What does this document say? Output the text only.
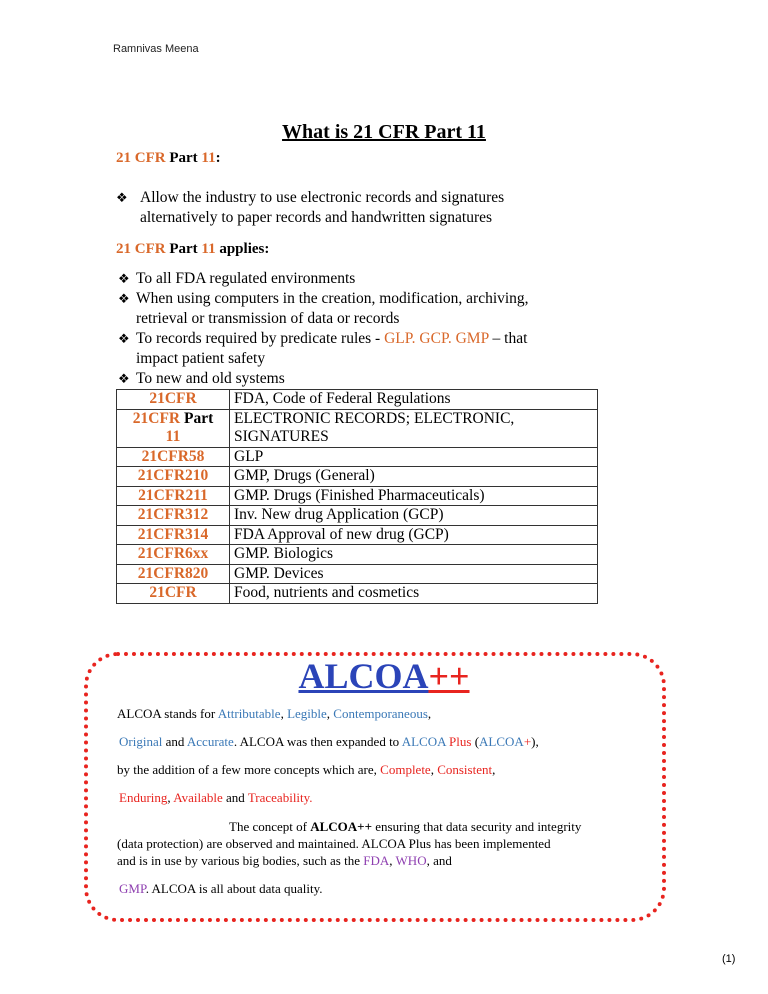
Ramnivas Meena
What is 21 CFR Part 11
21 CFR Part 11:
❖ Allow the industry to use electronic records and signatures
alternatively to paper records and handwritten signatures
21 CFR Part 11 applies:
❖ To all FDA regulated environments
❖ When using computers in the creation, modification, archiving,
retrieval or transmission of data or records
❖ To records required by predicate rules - GLP. GCP. GMP – that
impact patient safety
❖ To new and old systems
21CFR	FDA, Code of Federal Regulations
21CFR Part
11	ELECTRONIC RECORDS; ELECTRONIC,
SIGNATURES
21CFR58	GLP
21CFR210	GMP, Drugs (General)
21CFR211	GMP. Drugs (Finished Pharmaceuticals)
21CFR312	Inv. New drug Application (GCP)
21CFR314	FDA Approval of new drug (GCP)
21CFR6xx	GMP. Biologics
21CFR820	GMP. Devices
21CFR	Food, nutrients and cosmetics
ALCOA++
ALCOA stands for Attributable, Legible, Contemporaneous,
Original and Accurate. ALCOA was then expanded to ALCOA Plus (ALCOA+),
by the addition of a few more concepts which are, Complete, Consistent,
Enduring, Available and Traceability.
The concept of ALCOA++ ensuring that data security and integrity
(data protection) are observed and maintained. ALCOA Plus has been implemented
and is in use by various big bodies, such as the FDA, WHO, and
GMP. ALCOA is all about data quality.
(1)
